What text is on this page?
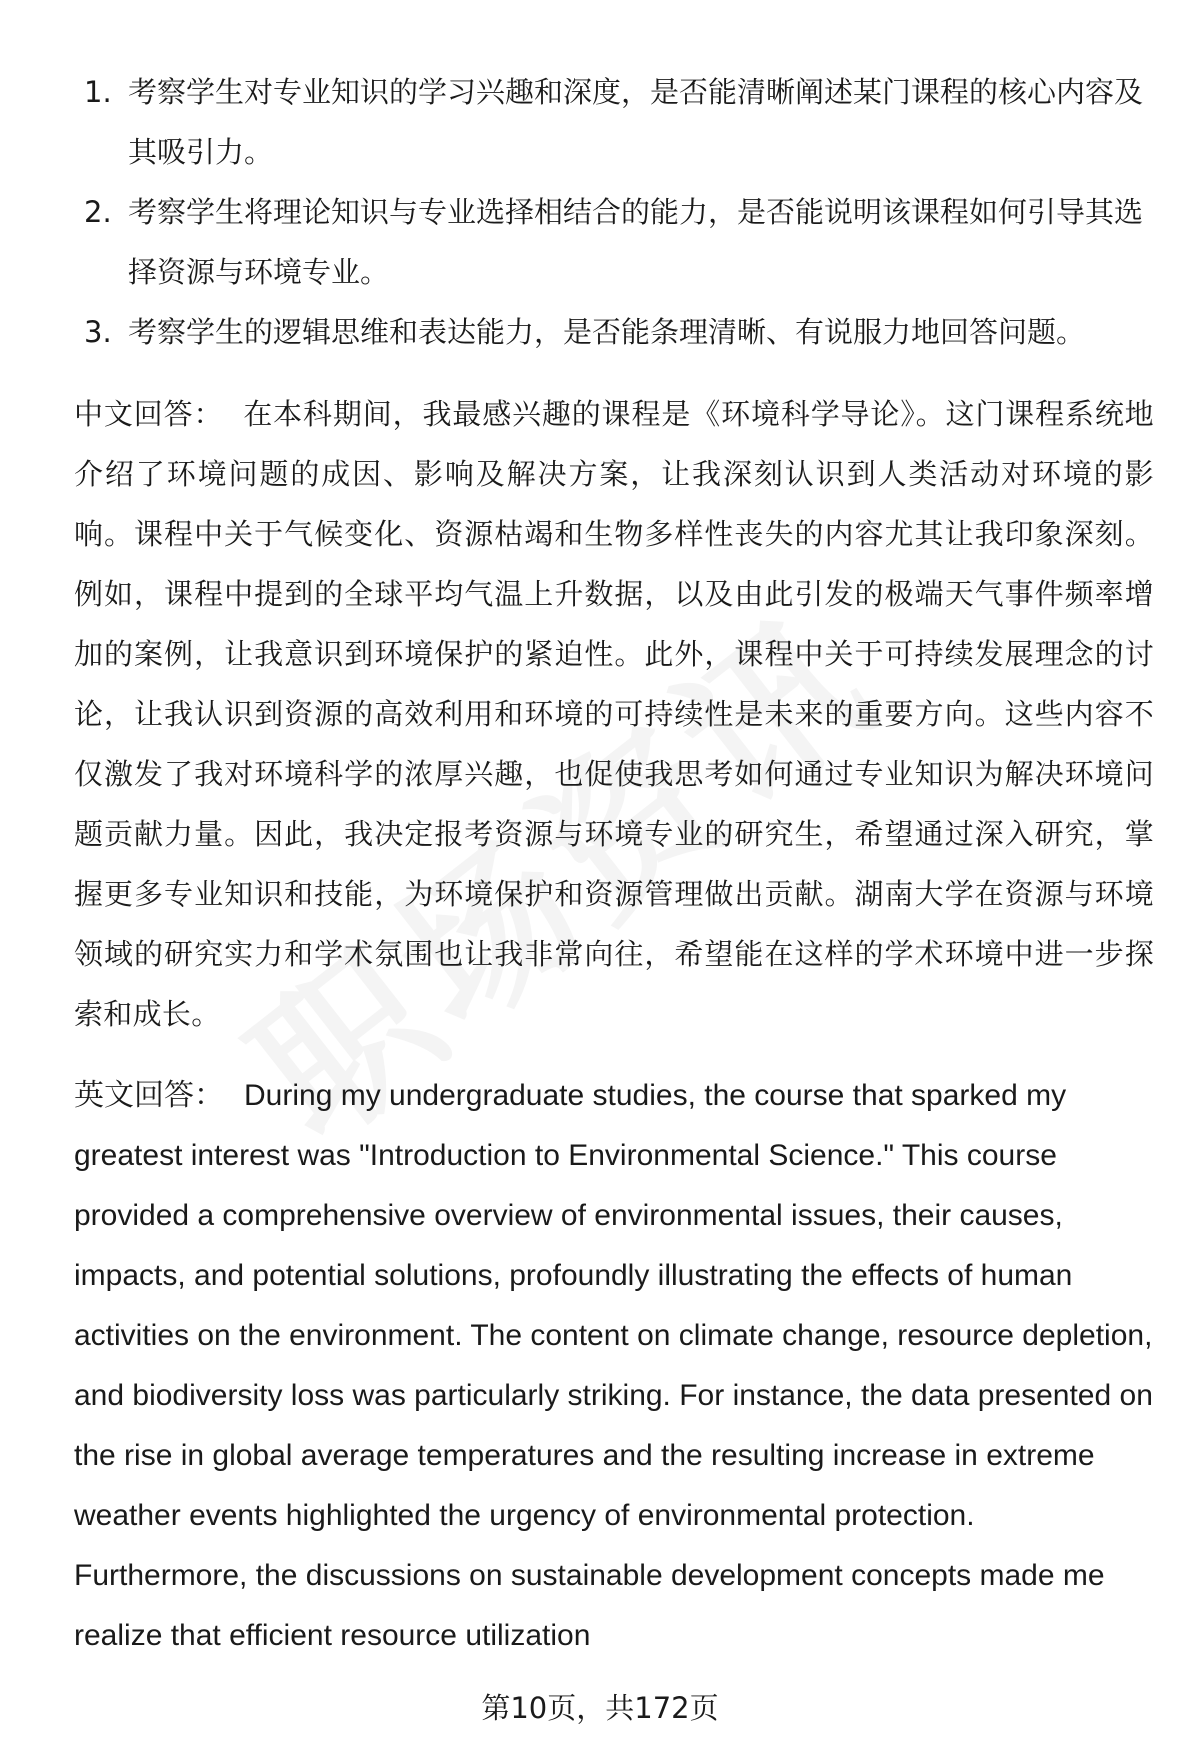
1. 考察学生对专业知识的学习兴趣和深度，是否能清晰阐述某门课程的核心内容及其吸引力。
2. 考察学生将理论知识与专业选择相结合的能力，是否能说明该课程如何引导其选择资源与环境专业。
3. 考察学生的逻辑思维和表达能力，是否能条理清晰、有说服力地回答问题。

中文回答： 在本科期间，我最感兴趣的课程是《环境科学导论》。这门课程系统地介绍了环境问题的成因、影响及解决方案，让我深刻认识到人类活动对环境的影响。课程中关于气候变化、资源枯竭和生物多样性丧失的内容尤其让我印象深刻。例如，课程中提到的全球平均气温上升数据，以及由此引发的极端天气事件频率增加的案例，让我意识到环境保护的紧迫性。此外，课程中关于可持续发展理念的讨论，让我认识到资源的高效利用和环境的可持续性是未来的重要方向。这些内容不仅激发了我对环境科学的浓厚兴趣，也促使我思考如何通过专业知识为解决环境问题贡献力量。因此，我决定报考资源与环境专业的研究生，希望通过深入研究，掌握更多专业知识和技能，为环境保护和资源管理做出贡献。湖南大学在资源与环境领域的研究实力和学术氛围也让我非常向往，希望能在这样的学术环境中进一步探索和成长。

英文回答： During my undergraduate studies, the course that sparked my greatest interest was "Introduction to Environmental Science." This course provided a comprehensive overview of environmental issues, their causes, impacts, and potential solutions, profoundly illustrating the effects of human activities on the environment. The content on climate change, resource depletion, and biodiversity loss was particularly striking. For instance, the data presented on the rise in global average temperatures and the resulting increase in extreme weather events highlighted the urgency of environmental protection. Furthermore, the discussions on sustainable development concepts made me realize that efficient resource utilization

第10页，共172页
